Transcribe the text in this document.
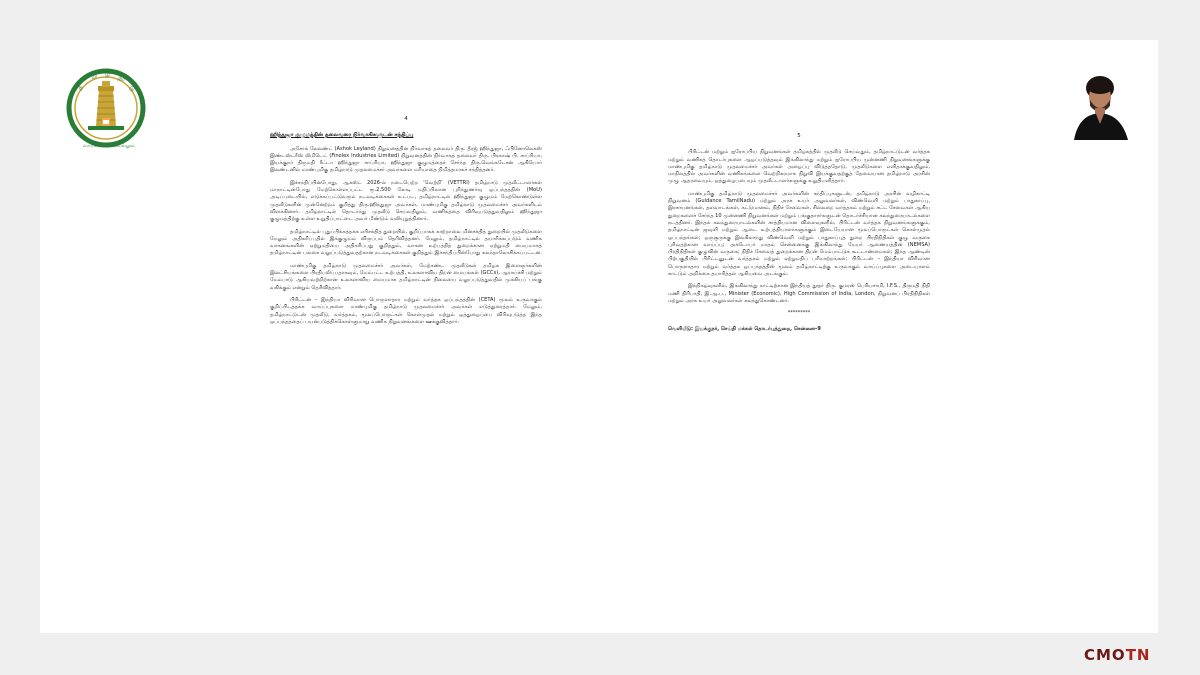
த
மி ழ் நா
டு
வாய்மையே வெல்லும்
4
ஹிந்துஜா குழுமத்தின் தலைவரை நிர்வாகிகளுடன் சந்திப்பு

அசோக் லேலண்ட் (Ashok Leyland) நிறுவனத்தின் நிர்வாகத் தலைவர் திரு. தீரஜ் ஹிந்துஜா, ஃபினோலெக்ஸ் இண்டஸ்ட்ரீஸ் லிமிடெட் (Finolex Industries Limited) நிறுவனத்தின் நிர்வாகத் தலைவர் திரு. பிரகாஷ் பி. சாப்ரியா, இயக்குநர் திருமதி ரீட்டா ஹிந்துஜா சாப்ரியா, ஹிந்துஜா குழுமத்தைச் சேர்ந்த திரு.வெங்கடேசன் ஆகியோர் இலண்டனில் மாண்புமிகு தமிழ்நாடு முதலமைச்சர் அவர்களை மரியாதை நிமித்தமாகச் சந்தித்தனர்.

இச்சந்திப்பின்போது, ஆகஸ்ட் 2026-ல் நடைபெற்ற 'வெற்றி' (VETTRI) தமிழ்நாடு முதலீட்டாளர்கள் மாநாட்டின்போது மேற்கொள்ளப்பட்ட ரூ.2,500 கோடி மதிப்பிலான புரிந்துணர்வு ஒப்பந்தத்தின் (MoU) அடிப்படையில், எடுக்கப்பட்டுவரும் நடவடிக்கைகள் உட்பட, தமிழ்நாட்டில் ஹிந்துஜா குழுமம் மேற்கொண்டுள்ள முதலீடுகளின் முன்னேற்றம் குறித்து திரு.ஹிந்துஜா அவர்கள், மாண்புமிகு தமிழ்நாடு முதலமைச்சர் அவர்களிடம் விளக்கினார். தமிழ்நாட்டில் தொடர்ந்து முதலீடு செய்வதிலும், வணிகத்தை விரிவுபடுத்துவதிலும் ஹிந்துஜா குழுமத்திற்கு உள்ள உறுதிப்பாட்டை அவர் மீண்டும் வலியுறுத்தினார்.

தமிழ்நாட்டில் புதுப்பிக்கத்தக்க எரிசக்தித் துறையில், குறிப்பாகக் காற்றாலை மின்சக்தித் துறையில் முதலீடுகளை மேலும் அதிகரிப்பதில் இக்குழுமம் விருப்பம் தெரிவித்தனர். மேலும், தமிழ்நாட்டில் தயாரிக்கப்படும் வணிக வாகனங்களின் ஏற்றுமதியை அதிகரிப்பது குறித்தும், வாகன உற்பத்தித் துறைக்கான ஏற்றுமதி மையமாகத் தமிழ்நாட்டின் பங்கை வலுப்படுத்துவதற்கான நடவடிக்கைகள் குறித்தும் இச்சந்திப்பின்போது கலந்தாலோசிக்கப்பட்டன.

மாண்புமிகு தமிழ்நாடு முதலமைச்சர் அவர்கள், மேற்கண்ட முதலீடுகள் தமிழக இளைஞர்களின் இலட்சியங்களை பிரதிபலிப்பதாகவும், மேம்பட்ட உற்பத்தி, உலகளாவிய திறன் மையங்கள் (GCCs), ஆராய்ச்சி மற்றும் மேம்பாடு ஆகியவற்றிற்கான உலகளாவிய மையமாக தமிழ்நாட்டின் நிலையை வலுப்படுத்துவதில் முக்கியப் பங்கு வகிக்கும் என்றும் தெரிவித்தார்.

பிரிட்டன் – இந்தியா விரிவான பொருளாதார மற்றும் வர்த்தக ஒப்பந்தத்தின் (CETA) மூலம் உருவாகும் குறிப்பிடத்தக்க வாய்ப்புகளை மாண்புமிகு தமிழ்நாடு முதலமைச்சர் அவர்கள் எடுத்துரைத்தார். மேலும், தமிழ்நாட்டுடன் முதலீடு, வர்த்தகம், மூலப்பொருட்கள் கொள்முதல் மற்றும் ஒத்துழைப்பை விரிவுபடுத்த இந்த ஒப்பந்தத்தைப் பயன்படுத்திக்கொள்ளுமாறு வணிக நிறுவனங்களை ஊக்குவித்தார்.

5

பிரிட்டன் மற்றும் ஐரோப்பிய நிறுவனங்கள் தமிழகத்தில் முதலீடு செய்வதும், தமிழ்நாட்டுடன் வர்த்தக மற்றும் வணிகத் தொடர்புகளை ஆழப்படுத்தவும் இங்கிலாந்து மற்றும் ஐரோப்பிய முன்னணி நிறுவனங்களுக்கு மாண்புமிகு தமிழ்நாடு முதலமைச்சர் அவர்கள் அழைப்பு விடுத்ததோடு, முதலீடுகளை எளிதாக்குவதிலும், மாநிலத்தில் அவர்களின் வணிகங்களை வெற்றிகரமாக நிறுவி இயக்குவதற்குத் தேவையான தமிழ்நாடு அரசின் முழு ஆதரவையும், ஒத்துழைப்பையும் முதலீட்டாளர்களுக்கு உறுதியளித்தார்.

மாண்புமிகு தமிழ்நாடு முதலமைச்சர் அவர்களின் சந்திப்புகளுடன், தமிழ்நாடு அரசின் வழிகாட்டி நிறுவனம் (Guidance TamilNadu) மற்றும் அரசு உயர் அலுவலர்கள், விண்வெளி மற்றும் பாதுகாப்பு, இரசாயனங்கள், தளவாடங்கள், கட்டுமானம், நிதிச் சேவைகள், சில்லறை வர்த்தகம் மற்றும் சட்ட சேவைகள் ஆகிய துறைகளைச் சேர்ந்த 10 முன்னணி நிறுவனங்கள் மற்றும் பங்குதாரர்களுடன் தொடர்ச்சியான கலந்துரையாடல்களை நடத்தினர். இந்தக் கலந்துரையாடல்களின் சாத்தியமான விளைவுகளில், பிரிட்டன் வர்த்தக நிறுவனங்களுக்கும், தமிழ்நாட்டின் ஜவுளி மற்றும் ஆடை உற்பத்தியாளர்களுக்கும் இடையேயான மூலப்பொருட்கள் கொள்முதல் ஒப்பந்தங்கள்; ஒருசூருக்கு இங்கிலாந்து விண்வெளி மற்றும் பாதுகாப்புத் துறை பிரதிநிதிகள் குழு வருகை புரிவதற்கான வாய்ப்பு; அக்டோபர் மாதம் சென்னைக்கு இங்கிலாந்து மேயர் ஆணையத்தின் (NEMSA) பிரதிநிதிகள் குழுவின் வருகை; நிதிச் சேவைத் துறைக்கான திறன் மேம்பாட்டுக் கூட்டாண்மைகள்; இந்த ஆண்டின் பிற்பகுதியில் பிரிட்டனுடன் வர்த்தகம் மற்றும் ஏற்றுமதிப் பரிமாற்றங்கள்; பிரிட்டன் – இந்தியா விரிவான பொருளாதார மற்றும் வர்த்தக ஒப்பந்தத்தின் மூலம் தமிழ்நாட்டிற்கு உருவாகும் வாய்ப்புகளை அடையாளம் காட்டும் அறிக்கை தயாரித்தல் ஆகியவை அடங்கும்.

இந்நிகழ்வுகளில், இங்கிலாந்து நாட்டிற்கான இந்தியத் தூதர் திரு. குமரன் பெரியசாமி, I.F.S., திருமதி நிதி மணி திரிபாதி, இ.ஆ.ப., Minister (Economic), High Commission of India, London, நிறுவனப் பிரதிநிதிகள் மற்றும் அரசு உயர் அலுவலர்கள் கலந்துகொண்டனர்.

*********
வெளியீடு: இயக்குநர், செய்தி மக்கள் தொடர்புத்துறை, சென்னை–9
CMOTN
